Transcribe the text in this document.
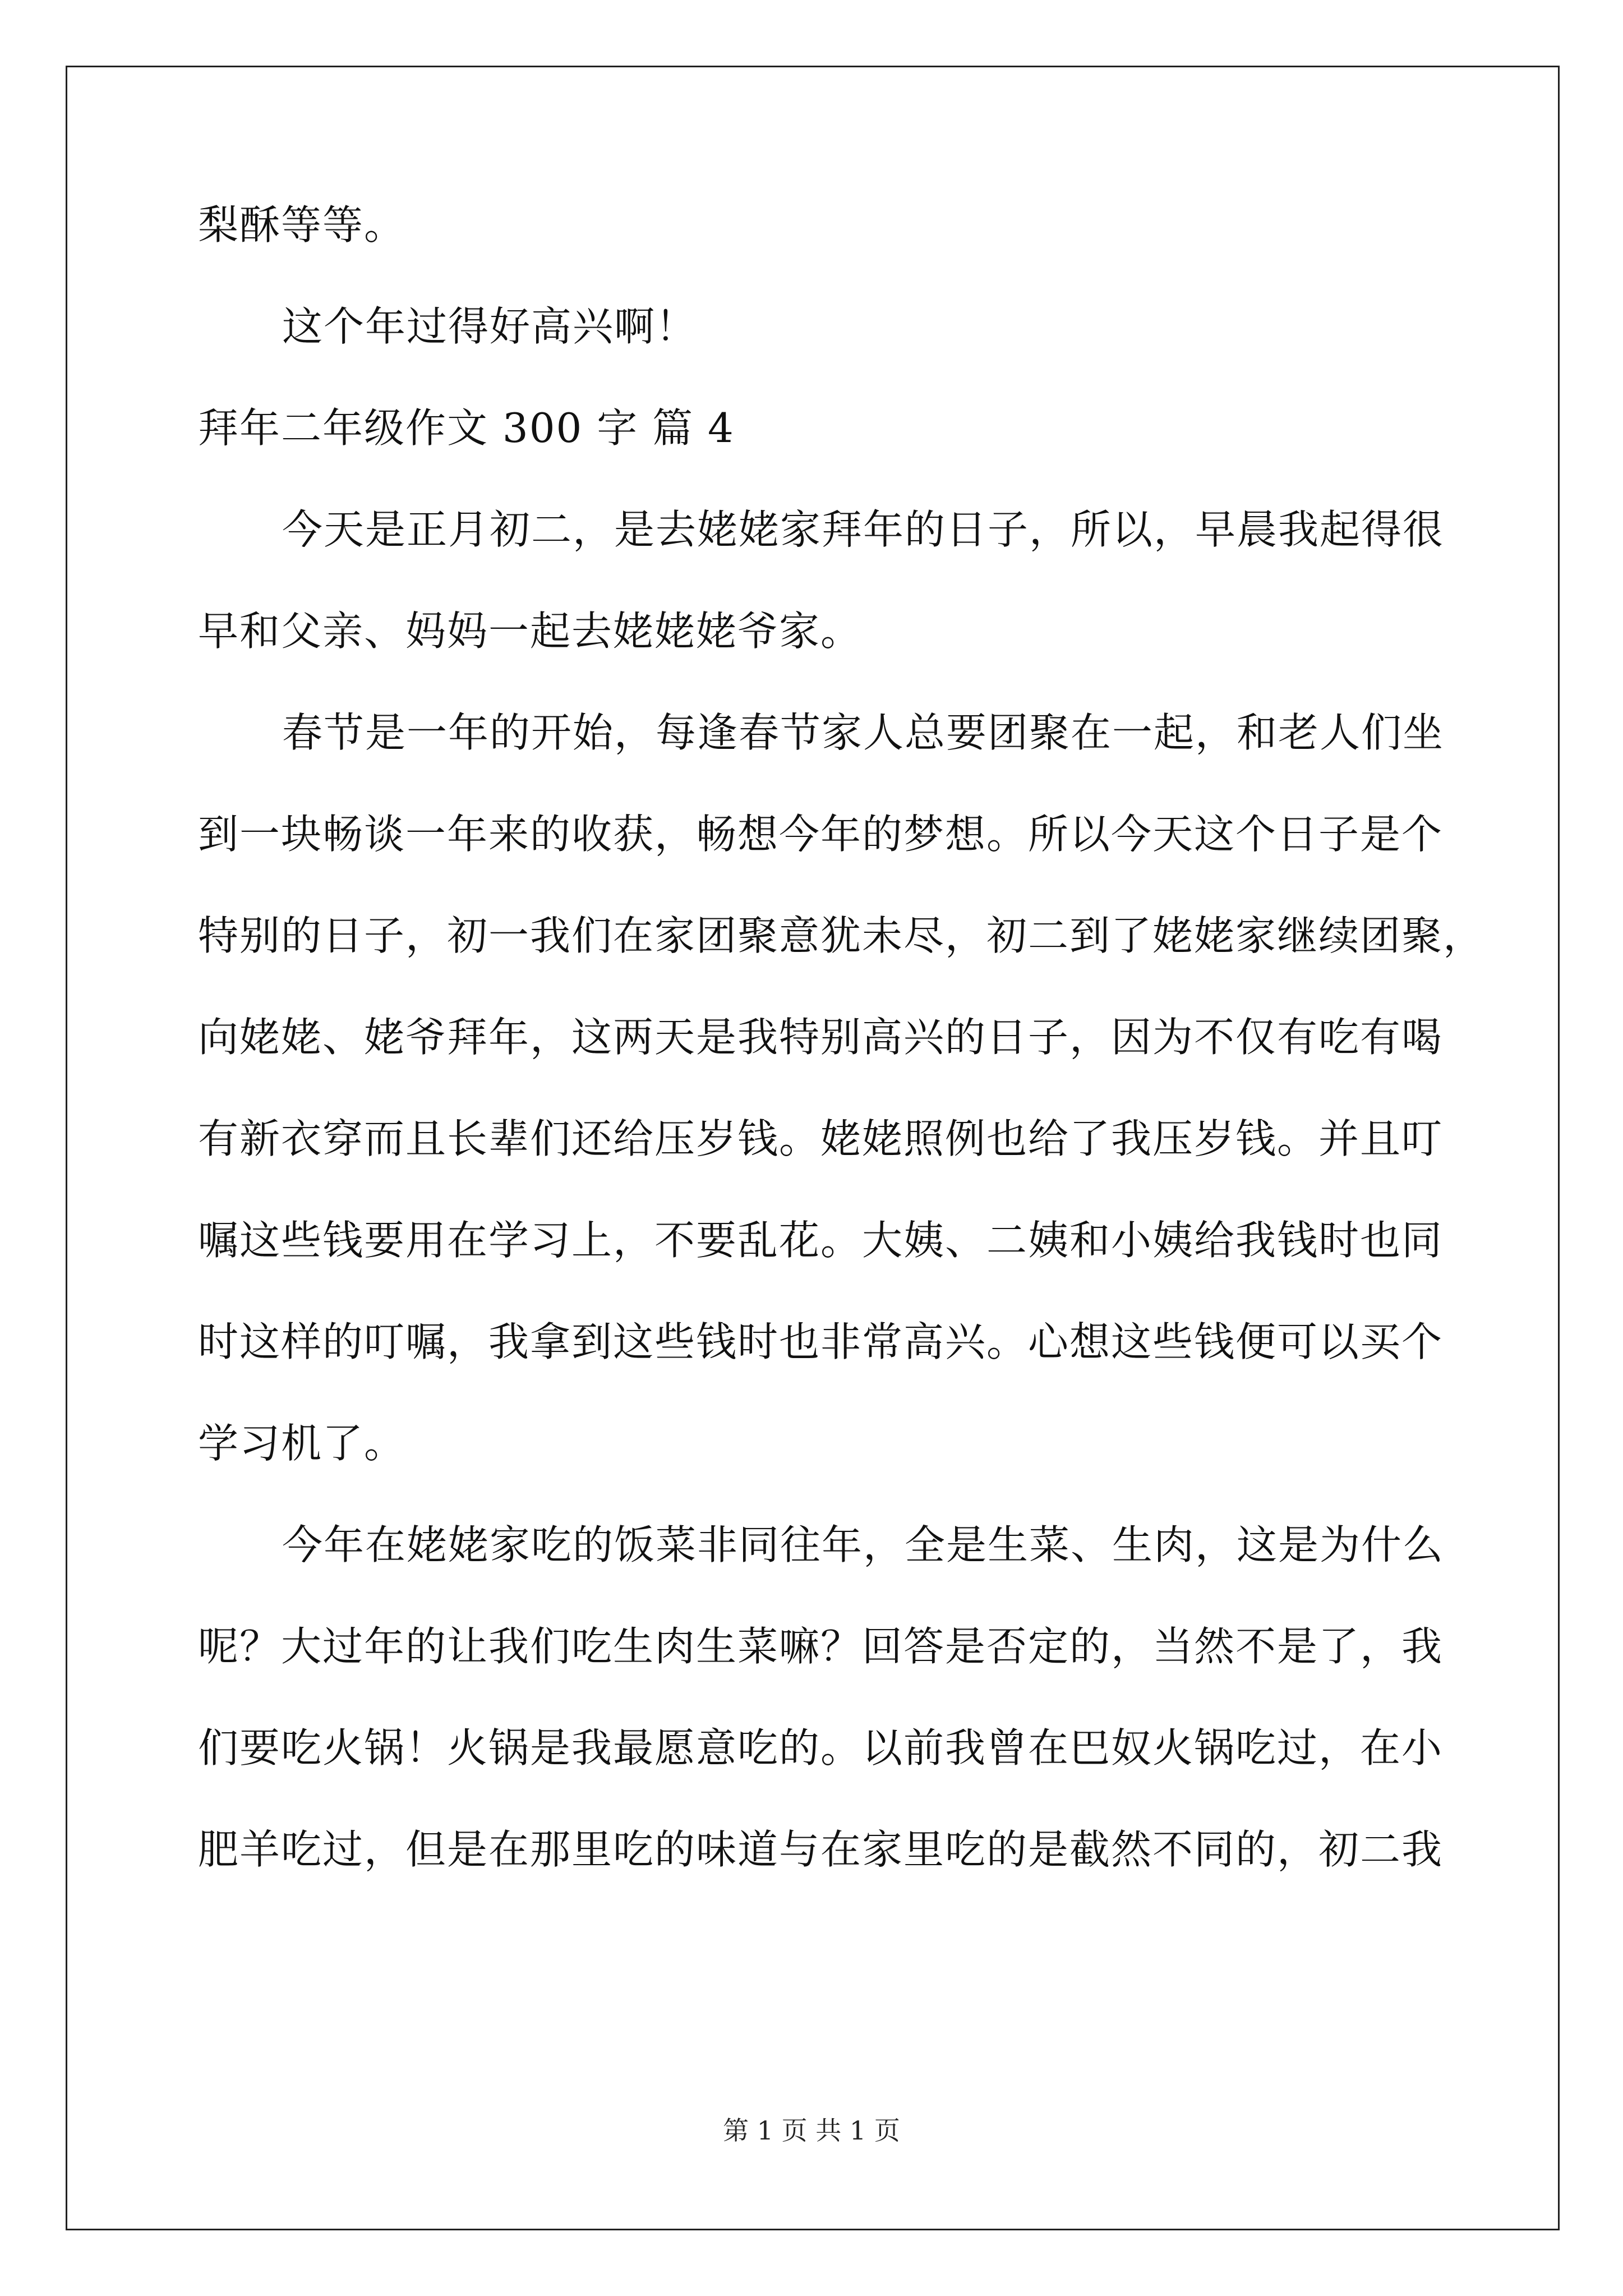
梨酥等等。
这个年过得好高兴啊！
拜年二年级作文 300 字 篇 4
今天是正月初二，是去姥姥家拜年的日子，所以，早晨我起得很
早和父亲、妈妈一起去姥姥姥爷家。
春节是一年的开始，每逢春节家人总要团聚在一起，和老人们坐
到一块畅谈一年来的收获，畅想今年的梦想。所以今天这个日子是个
特别的日子，初一我们在家团聚意犹未尽，初二到了姥姥家继续团聚，
向姥姥、姥爷拜年，这两天是我特别高兴的日子，因为不仅有吃有喝
有新衣穿而且长辈们还给压岁钱。姥姥照例也给了我压岁钱。并且叮
嘱这些钱要用在学习上，不要乱花。大姨、二姨和小姨给我钱时也同
时这样的叮嘱，我拿到这些钱时也非常高兴。心想这些钱便可以买个
学习机了。
今年在姥姥家吃的饭菜非同往年，全是生菜、生肉，这是为什么
呢？大过年的让我们吃生肉生菜嘛？回答是否定的，当然不是了，我
们要吃火锅！火锅是我最愿意吃的。以前我曾在巴奴火锅吃过，在小
肥羊吃过，但是在那里吃的味道与在家里吃的是截然不同的，初二我
第 1 页 共 1 页
